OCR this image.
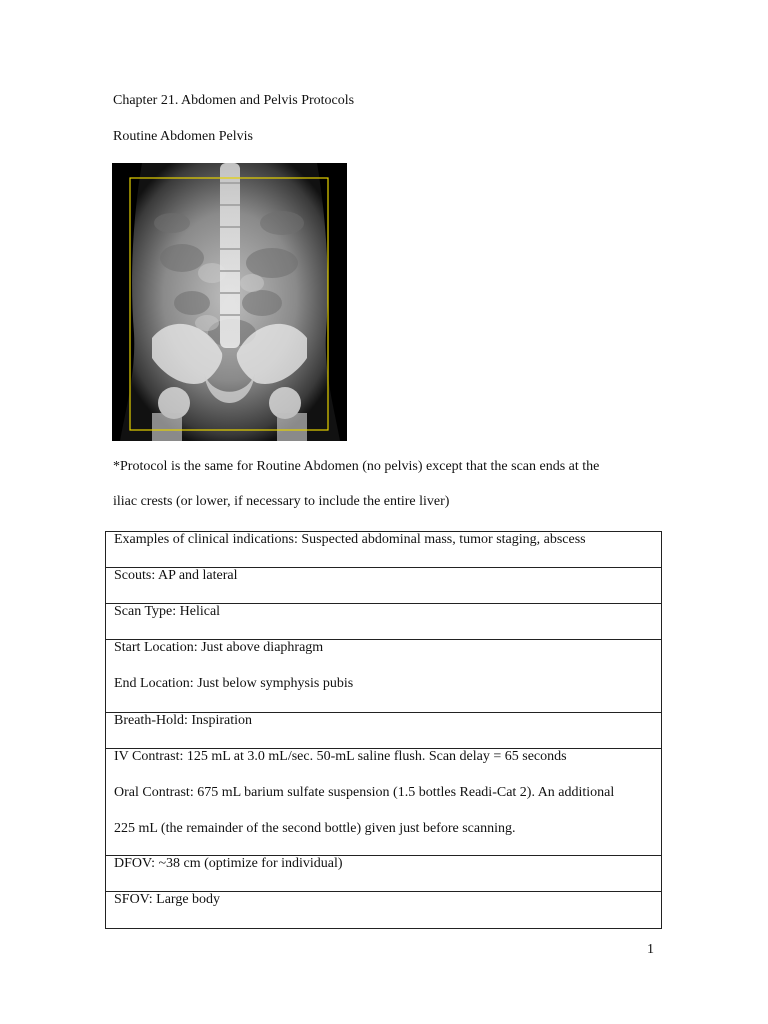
Chapter 21. Abdomen and Pelvis Protocols
Routine Abdomen Pelvis
*Protocol is the same for Routine Abdomen (no pelvis) except that the scan ends at the
iliac crests (or lower, if necessary to include the entire liver)
Examples of clinical indications: Suspected abdominal mass, tumor staging, abscess
Scouts: AP and lateral
Scan Type: Helical
Start Location: Just above diaphragm
End Location: Just below symphysis pubis
Breath-Hold: Inspiration
IV Contrast: 125 mL at 3.0 mL/sec. 50-mL saline flush. Scan delay = 65 seconds
Oral Contrast: 675 mL barium sulfate suspension (1.5 bottles Readi-Cat 2). An additional
225 mL (the remainder of the second bottle) given just before scanning.
DFOV: ~38 cm (optimize for individual)
SFOV: Large body
1
